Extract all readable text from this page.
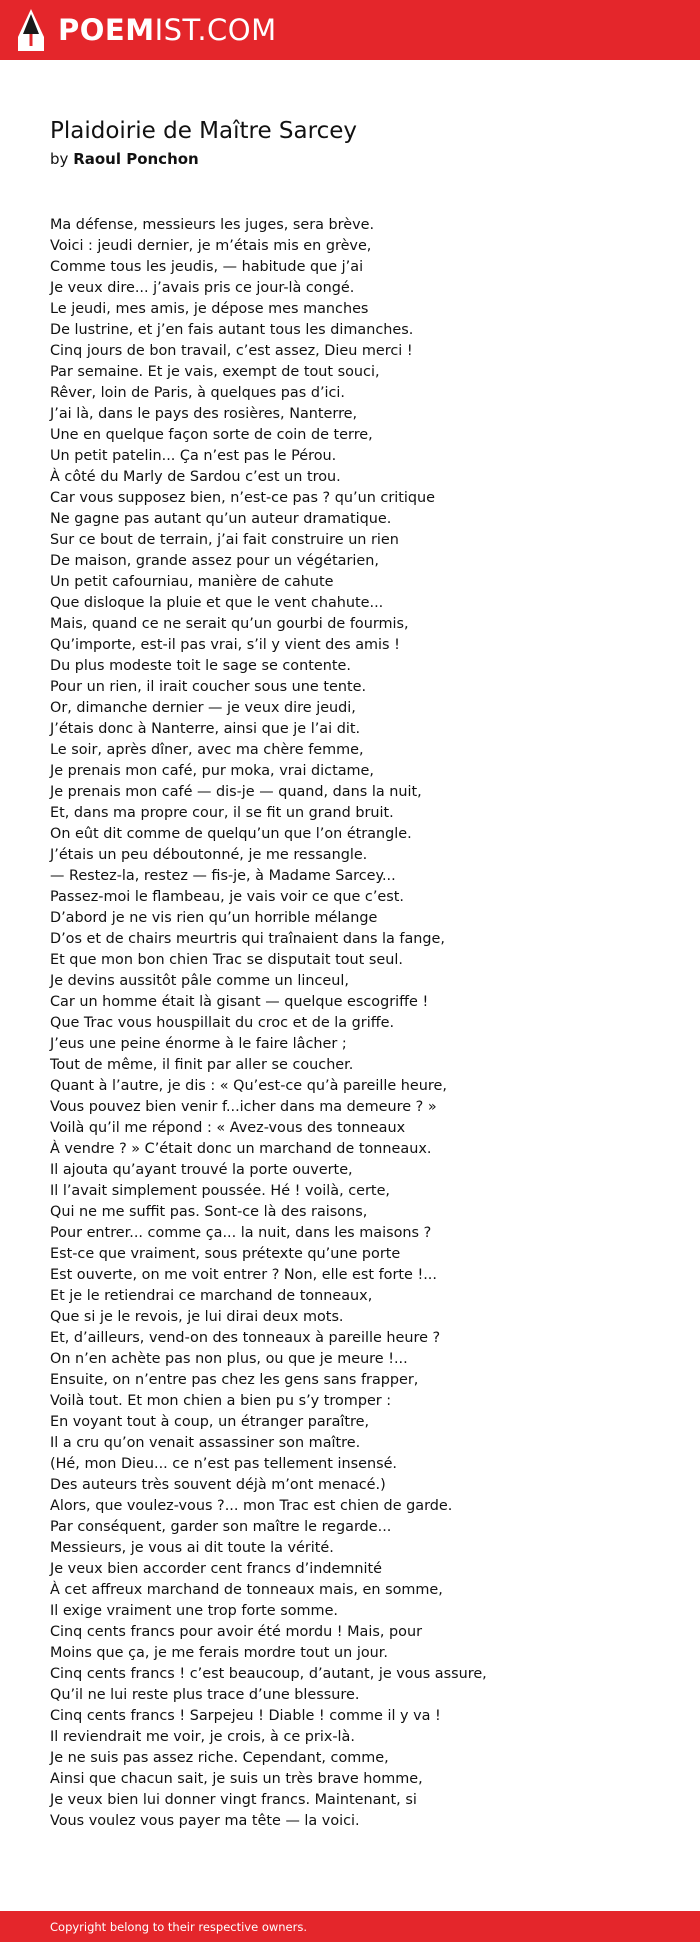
POEMIST.COM
Plaidoirie de Maître Sarcey
by Raoul Ponchon
Ma défense, messieurs les juges, sera brève.
Voici : jeudi dernier, je m’étais mis en grève,
Comme tous les jeudis, — habitude que j’ai
Je veux dire... j’avais pris ce jour-là congé.
Le jeudi, mes amis, je dépose mes manches
De lustrine, et j’en fais autant tous les dimanches.
Cinq jours de bon travail, c’est assez, Dieu merci !
Par semaine. Et je vais, exempt de tout souci,
Rêver, loin de Paris, à quelques pas d’ici.
J’ai là, dans le pays des rosières, Nanterre,
Une en quelque façon sorte de coin de terre,
Un petit patelin... Ça n’est pas le Pérou.
À côté du Marly de Sardou c’est un trou.
Car vous supposez bien, n’est-ce pas ? qu’un critique
Ne gagne pas autant qu’un auteur dramatique.
Sur ce bout de terrain, j’ai fait construire un rien
De maison, grande assez pour un végétarien,
Un petit cafourniau, manière de cahute
Que disloque la pluie et que le vent chahute...
Mais, quand ce ne serait qu’un gourbi de fourmis,
Qu’importe, est-il pas vrai, s’il y vient des amis !
Du plus modeste toit le sage se contente.
Pour un rien, il irait coucher sous une tente.
Or, dimanche dernier — je veux dire jeudi,
J’étais donc à Nanterre, ainsi que je l’ai dit.
Le soir, après dîner, avec ma chère femme,
Je prenais mon café, pur moka, vrai dictame,
Je prenais mon café — dis-je — quand, dans la nuit,
Et, dans ma propre cour, il se fit un grand bruit.
On eût dit comme de quelqu’un que l’on étrangle.
J’étais un peu déboutonné, je me ressangle.
— Restez-la, restez — fis-je, à Madame Sarcey...
Passez-moi le flambeau, je vais voir ce que c’est.
D’abord je ne vis rien qu’un horrible mélange
D’os et de chairs meurtris qui traînaient dans la fange,
Et que mon bon chien Trac se disputait tout seul.
Je devins aussitôt pâle comme un linceul,
Car un homme était là gisant — quelque escogriffe !
Que Trac vous houspillait du croc et de la griffe.
J’eus une peine énorme à le faire lâcher ;
Tout de même, il finit par aller se coucher.
Quant à l’autre, je dis : « Qu’est-ce qu’à pareille heure,
Vous pouvez bien venir f...icher dans ma demeure ? »
Voilà qu’il me répond : « Avez-vous des tonneaux
À vendre ? » C’était donc un marchand de tonneaux.
Il ajouta qu’ayant trouvé la porte ouverte,
Il l’avait simplement poussée. Hé ! voilà, certe,
Qui ne me suffit pas. Sont-ce là des raisons,
Pour entrer... comme ça... la nuit, dans les maisons ?
Est-ce que vraiment, sous prétexte qu’une porte
Est ouverte, on me voit entrer ? Non, elle est forte !...
Et je le retiendrai ce marchand de tonneaux,
Que si je le revois, je lui dirai deux mots.
Et, d’ailleurs, vend-on des tonneaux à pareille heure ?
On n’en achète pas non plus, ou que je meure !...
Ensuite, on n’entre pas chez les gens sans frapper,
Voilà tout. Et mon chien a bien pu s’y tromper :
En voyant tout à coup, un étranger paraître,
Il a cru qu’on venait assassiner son maître.
(Hé, mon Dieu... ce n’est pas tellement insensé.
Des auteurs très souvent déjà m’ont menacé.)
Alors, que voulez-vous ?... mon Trac est chien de garde.
Par conséquent, garder son maître le regarde...
Messieurs, je vous ai dit toute la vérité.
Je veux bien accorder cent francs d’indemnité
À cet affreux marchand de tonneaux mais, en somme,
Il exige vraiment une trop forte somme.
Cinq cents francs pour avoir été mordu ! Mais, pour
Moins que ça, je me ferais mordre tout un jour.
Cinq cents francs ! c’est beaucoup, d’autant, je vous assure,
Qu’il ne lui reste plus trace d’une blessure.
Cinq cents francs ! Sarpejeu ! Diable ! comme il y va !
Il reviendrait me voir, je crois, à ce prix-là.
Je ne suis pas assez riche. Cependant, comme,
Ainsi que chacun sait, je suis un très brave homme,
Je veux bien lui donner vingt francs. Maintenant, si
Vous voulez vous payer ma tête — la voici.
Copyright belong to their respective owners.
